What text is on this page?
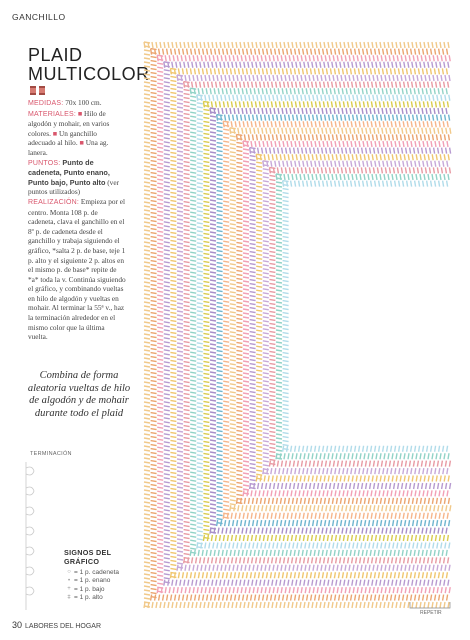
GANCHILLO
PLAID
MULTICOLOR

MEDIDAS: 70x 100 cm.

MATERIALES: ■ Hilo de algodón y mohair, en varios colores. ■ Un ganchillo adecuado al hilo. ■ Una ag. lanera.

PUNTOS: Punto de cadeneta, Punto enano, Punto bajo, Punto alto (ver puntos utilizados)

REALIZACIÓN: Empieza por el centro. Monta 108 p. de cadeneta, clava el ganchillo en el 8º p. de cadeneta desde el ganchillo y trabaja siguiendo el gráfico, *salta 2 p. de base, teje 1 p. alto y el siguiente 2 p. altos en el mismo p. de base* repite de *a* toda la v. Continúa siguiendo el gráfico, y combinando vueltas en hilo de algodón y vueltas en mohair. Al terminar la 55ª v., haz la terminación alrededor en el mismo color que la última vuelta.

Combina de forma aleatoria vueltas de hilo de algodón y de mohair durante todo el plaid
TERMINACIÓN
SIGNOS DEL GRÁFICO
○ = 1 p. cadeneta
• = 1 p. enano
+ = 1 p. bajo
ǂ = 1 p. alto
30 LABORES DEL HOGAR
REPETIR
